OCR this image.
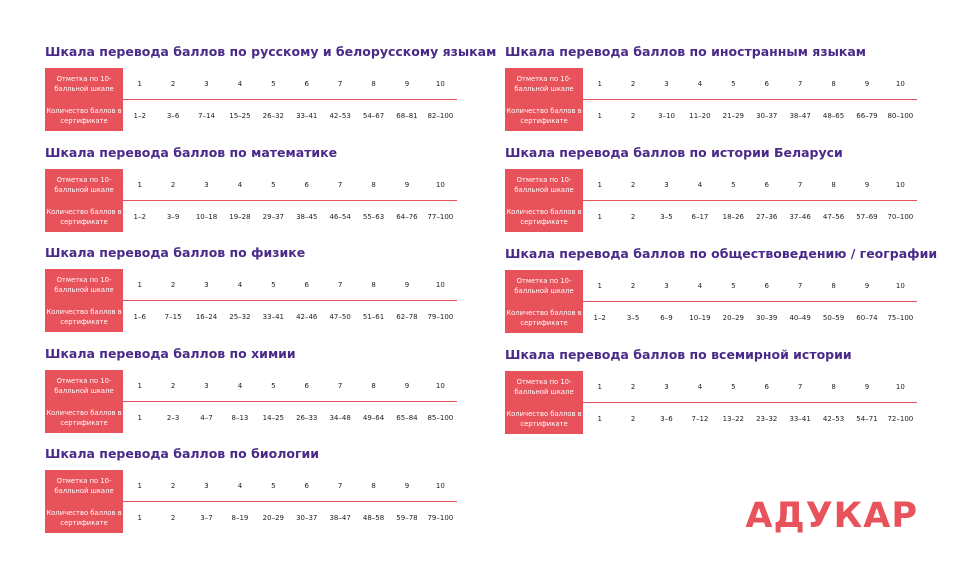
Шкала перевода баллов по русскому и белорусскому языкам
Отметка по 10-балльной шкале
1	2	3	4	5	6	7	8	9	10
Количество баллов в сертификате
1–2	3–6	7–14	15–25	26–32	33–41	42–53	54–67	68–81	82–100
Шкала перевода баллов по математике
Отметка по 10-балльной шкале
1	2	3	4	5	6	7	8	9	10
Количество баллов в сертификате
1–2	3–9	10–18	19–28	29–37	38–45	46–54	55–63	64–76	77–100
Шкала перевода баллов по физике
Отметка по 10-балльной шкале
1	2	3	4	5	6	7	8	9	10
Количество баллов в сертификате
1–6	7–15	16–24	25–32	33–41	42–46	47–50	51–61	62–78	79–100
Шкала перевода баллов по химии
Отметка по 10-балльной шкале
1	2	3	4	5	6	7	8	9	10
Количество баллов в сертификате
1	2–3	4–7	8–13	14–25	26–33	34–48	49–64	65–84	85–100
Шкала перевода баллов по биологии
Отметка по 10-балльной шкале
1	2	3	4	5	6	7	8	9	10
Количество баллов в сертификате
1	2	3–7	8–19	20–29	30–37	38–47	48–58	59–78	79–100
Шкала перевода баллов по иностранным языкам
Отметка по 10-балльной шкале
1	2	3	4	5	6	7	8	9	10
Количество баллов в сертификате
1	2	3–10	11–20	21–29	30–37	38–47	48–65	66–79	80–100
Шкала перевода баллов по истории Беларуси
Отметка по 10-балльной шкале
1	2	3	4	5	6	7	8	9	10
Количество баллов в сертификате
1	2	3–5	6–17	18–26	27–36	37–46	47–56	57–69	70–100
Шкала перевода баллов по обществоведению / географии
Отметка по 10-балльной шкале
1	2	3	4	5	6	7	8	9	10
Количество баллов в сертификате
1–2	3–5	6–9	10–19	20–29	30–39	40–49	50–59	60–74	75–100
Шкала перевода баллов по всемирной истории
Отметка по 10-балльной шкале
1	2	3	4	5	6	7	8	9	10
Количество баллов в сертификате
1	2	3–6	7–12	13–22	23–32	33–41	42–53	54–71	72–100
АДУКАР
